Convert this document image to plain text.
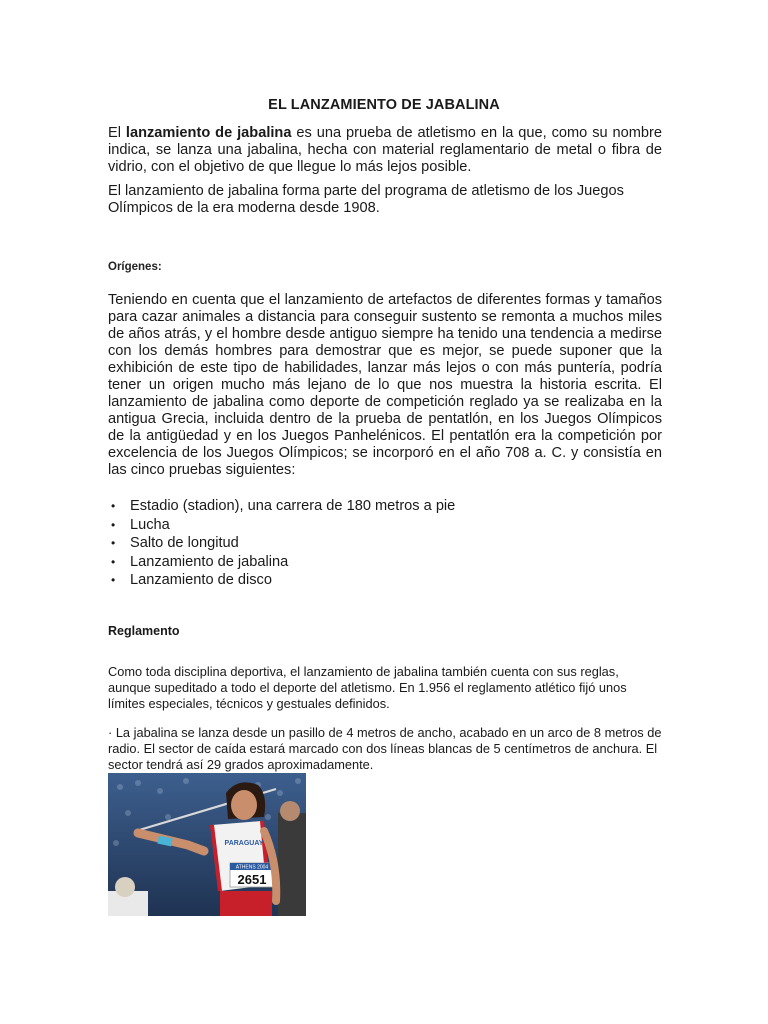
EL LANZAMIENTO DE JABALINA

El lanzamiento de jabalina es una prueba de atletismo en la que, como su nombre indica, se lanza una jabalina, hecha con material reglamentario de metal o fibra de vidrio, con el objetivo de que llegue lo más lejos posible.

El lanzamiento de jabalina forma parte del programa de atletismo de los Juegos Olímpicos de la era moderna desde 1908.

Orígenes:

Teniendo en cuenta que el lanzamiento de artefactos de diferentes formas y tamaños para cazar animales a distancia para conseguir sustento se remonta a muchos miles de años atrás, y el hombre desde antiguo siempre ha tenido una tendencia a medirse con los demás hombres para demostrar que es mejor, se puede suponer que la exhibición de este tipo de habilidades, lanzar más lejos o con más puntería, podría tener un origen mucho más lejano de lo que nos muestra la historia escrita. El lanzamiento de jabalina como deporte de competición reglado ya se realizaba en la antigua Grecia, incluida dentro de la prueba de pentatlón, en los Juegos Olímpicos de la antigüedad y en los Juegos Panhelénicos. El pentatlón era la competición por excelencia de los Juegos Olímpicos; se incorporó en el año 708 a. C. y consistía en las cinco pruebas siguientes:

• Estadio (stadion), una carrera de 180 metros a pie
• Lucha
• Salto de longitud
• Lanzamiento de jabalina
• Lanzamiento de disco
Reglamento

Como toda disciplina deportiva, el lanzamiento de jabalina también cuenta con sus reglas, aunque supeditado a todo el deporte del atletismo. En 1.956 el reglamento atlético fijó unos límites especiales, técnicos y gestuales definidos.

· La jabalina se lanza desde un pasillo de 4 metros de ancho, acabado en un arco de 8 metros de radio. El sector de caída estará marcado con dos líneas blancas de 5 centímetros de anchura. El sector tendrá así 29 grados aproximadamente.

ATHENS 2004
2651
PARAGUAY
